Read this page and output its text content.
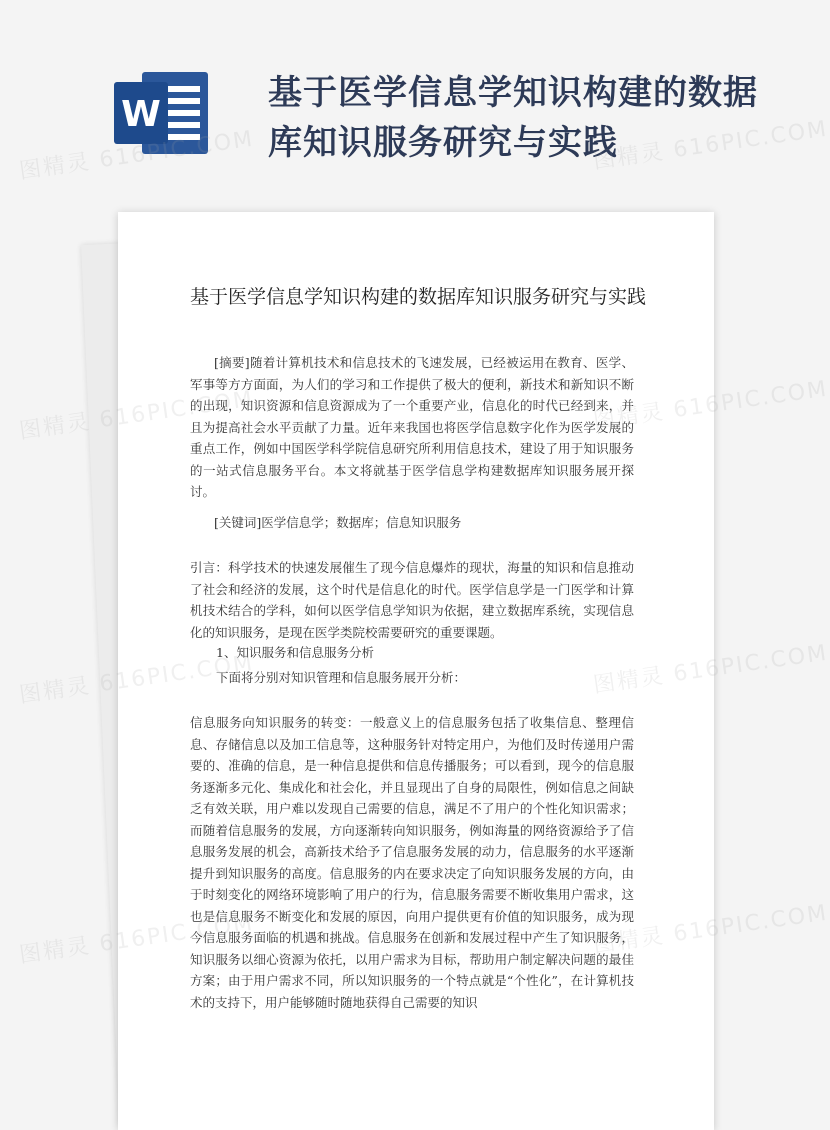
W
基于医学信息学知识构建的数据库知识服务研究与实践
图精灵 616PIC.COM	图精灵 616PIC.COM
图精灵
616PIC.COM
图精灵
616PIC.COM
图精灵
616PIC.COM
基于医学信息学知识构建的数据库知识服务研究与实践

[摘要]随着计算机技术和信息技术的飞速发展，已经被运用在教育、医学、军事等方方面面，为人们的学习和工作提供了极大的便利，新技术和新知识不断的出现，知识资源和信息资源成为了一个重要产业，信息化的时代已经到来，并且为提高社会水平贡献了力量。近年来我国也将医学信息数字化作为医学发展的重点工作，例如中国医学科学院信息研究所利用信息技术，建设了用于知识服务的一站式信息服务平台。本文将就基于医学信息学构建数据库知识服务展开探讨。

[关键词]医学信息学；数据库；信息知识服务

引言：科学技术的快速发展催生了现今信息爆炸的现状，海量的知识和信息推动了社会和经济的发展，这个时代是信息化的时代。医学信息学是一门医学和计算机技术结合的学科，如何以医学信息学知识为依据，建立数据库系统，实现信息化的知识服务，是现在医学类院校需要研究的重要课题。

1、知识服务和信息服务分析

下面将分别对知识管理和信息服务展开分析：

信息服务向知识服务的转变：一般意义上的信息服务包括了收集信息、整理信息、存储信息以及加工信息等，这种服务针对特定用户，为他们及时传递用户需要的、准确的信息，是一种信息提供和信息传播服务；可以看到，现今的信息服务逐渐多元化、集成化和社会化，并且显现出了自身的局限性，例如信息之间缺乏有效关联，用户难以发现自己需要的信息，满足不了用户的个性化知识需求；而随着信息服务的发展，方向逐渐转向知识服务，例如海量的网络资源给予了信息服务发展的机会，高新技术给予了信息服务发展的动力，信息服务的水平逐渐提升到知识服务的高度。信息服务的内在要求决定了向知识服务发展的方向，由于时刻变化的网络环境影响了用户的行为，信息服务需要不断收集用户需求，这也是信息服务不断变化和发展的原因，向用户提供更有价值的知识服务，成为现今信息服务面临的机遇和挑战。信息服务在创新和发展过程中产生了知识服务，知识服务以细心资源为依托，以用户需求为目标，帮助用户制定解决问题的最佳方案；由于用户需求不同，所以知识服务的一个特点就是“个性化”，在计算机技术的支持下，用户能够随时随地获得自己需要的知识
